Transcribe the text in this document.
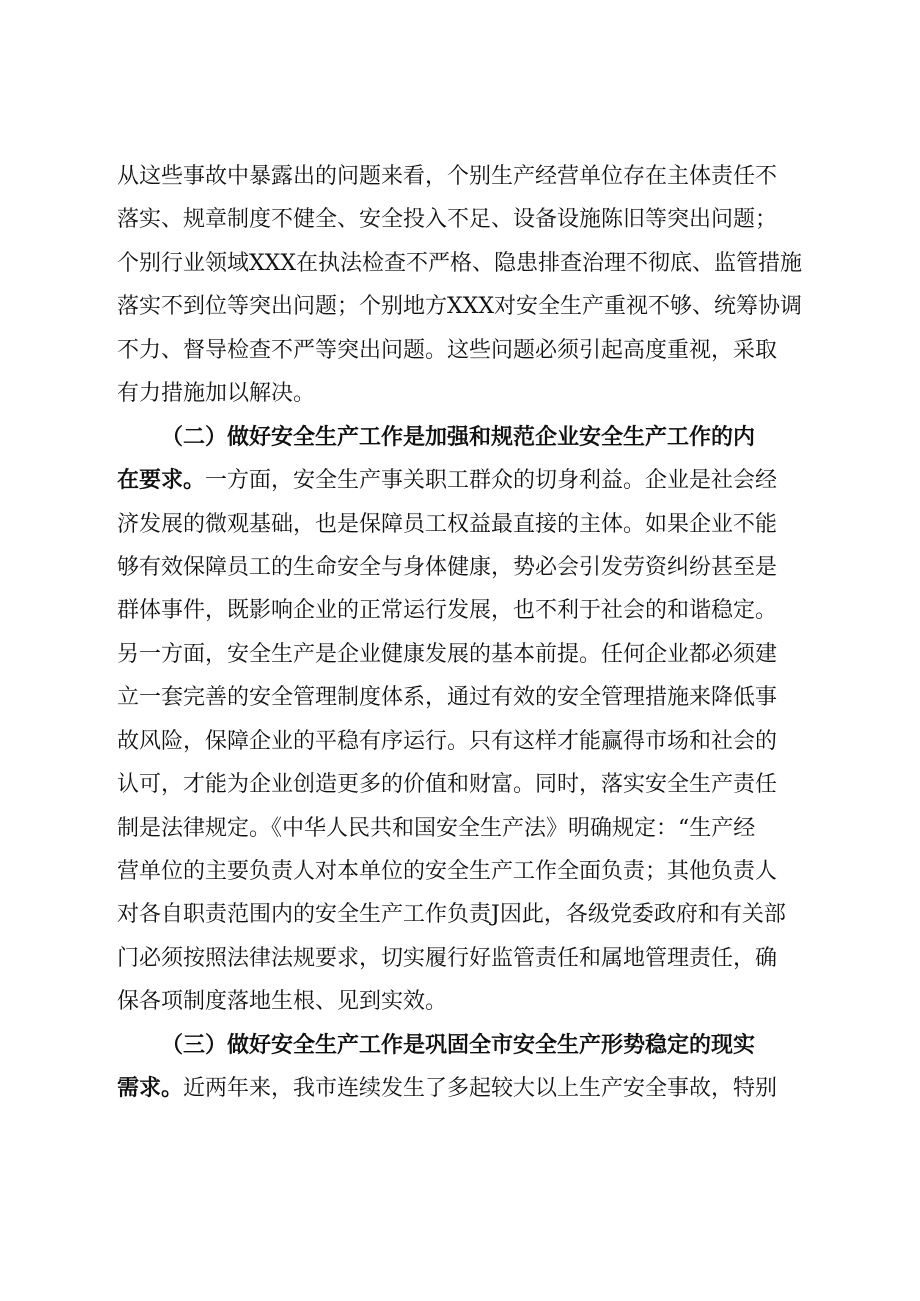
从这些事故中暴露出的问题来看，个别生产经营单位存在主体责任不
落实、规章制度不健全、安全投入不足、设备设施陈旧等突出问题；
个别行业领域XXX在执法检查不严格、隐患排查治理不彻底、监管措施
落实不到位等突出问题；个别地方XXX对安全生产重视不够、统筹协调
不力、督导检查不严等突出问题。这些问题必须引起高度重视，采取
有力措施加以解决。
（二）做好安全生产工作是加强和规范企业安全生产工作的内
在要求。一方面，安全生产事关职工群众的切身利益。企业是社会经
济发展的微观基础，也是保障员工权益最直接的主体。如果企业不能
够有效保障员工的生命安全与身体健康，势必会引发劳资纠纷甚至是
群体事件，既影响企业的正常运行发展，也不利于社会的和谐稳定。
另一方面，安全生产是企业健康发展的基本前提。任何企业都必须建
立一套完善的安全管理制度体系，通过有效的安全管理措施来降低事
故风险，保障企业的平稳有序运行。只有这样才能赢得市场和社会的
认可，才能为企业创造更多的价值和财富。同时，落实安全生产责任
制是法律规定。《中华人民共和国安全生产法》明确规定：“生产经
营单位的主要负责人对本单位的安全生产工作全面负责；其他负责人
对各自职责范围内的安全生产工作负责J因此，各级党委政府和有关部
门必须按照法律法规要求，切实履行好监管责任和属地管理责任，确
保各项制度落地生根、见到实效。
（三）做好安全生产工作是巩固全市安全生产形势稳定的现实
需求。近两年来，我市连续发生了多起较大以上生产安全事故，特别
